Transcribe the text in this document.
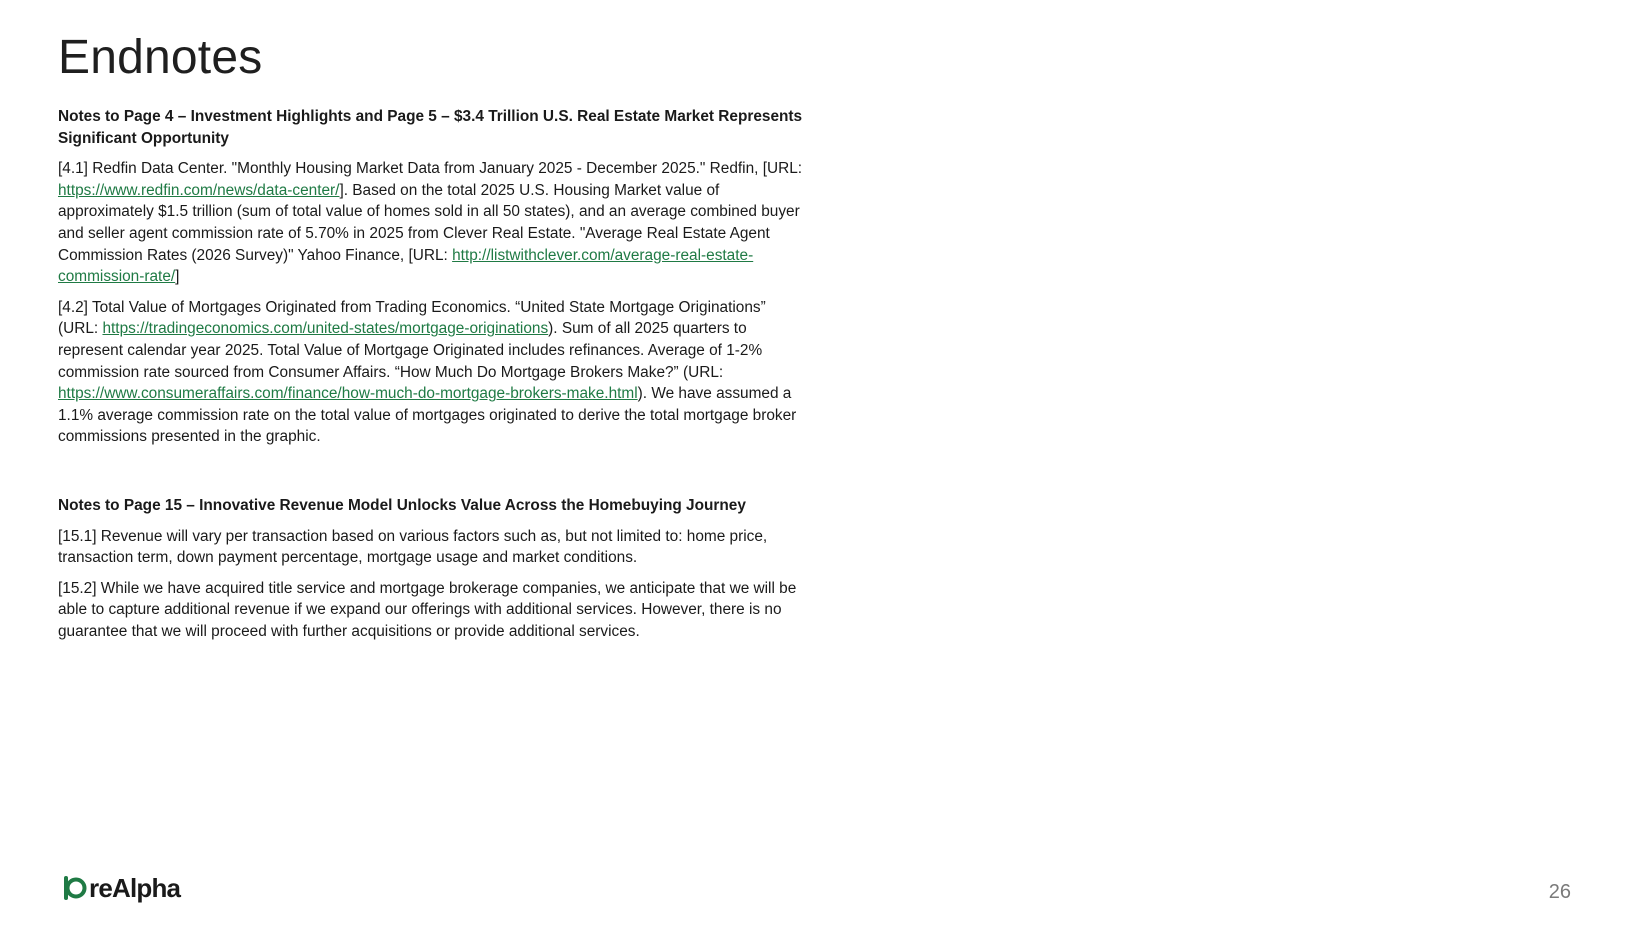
Endnotes

Notes to Page 4 – Investment Highlights and Page 5 – $3.4 Trillion U.S. Real Estate Market Represents Significant Opportunity

[4.1] Redfin Data Center. "Monthly Housing Market Data from January 2025 - December 2025." Redfin, [URL: https://www.redfin.com/news/data-center/]. Based on the total 2025 U.S. Housing Market value of approximately $1.5 trillion (sum of total value of homes sold in all 50 states), and an average combined buyer and seller agent commission rate of 5.70% in 2025 from Clever Real Estate. "Average Real Estate Agent Commission Rates (2026 Survey)" Yahoo Finance, [URL: http://listwithclever.com/average-real-estate-commission-rate/]

[4.2] Total Value of Mortgages Originated from Trading Economics. “United State Mortgage Originations” (URL: https://tradingeconomics.com/united-states/mortgage-originations). Sum of all 2025 quarters to represent calendar year 2025. Total Value of Mortgage Originated includes refinances. Average of 1-2% commission rate sourced from Consumer Affairs. “How Much Do Mortgage Brokers Make?” (URL: https://www.consumeraffairs.com/finance/how-much-do-mortgage-brokers-make.html). We have assumed a 1.1% average commission rate on the total value of mortgages originated to derive the total mortgage broker commissions presented in the graphic.

Notes to Page 15 – Innovative Revenue Model Unlocks Value Across the Homebuying Journey

[15.1] Revenue will vary per transaction based on various factors such as, but not limited to: home price, transaction term, down payment percentage, mortgage usage and market conditions.

[15.2] While we have acquired title service and mortgage brokerage companies, we anticipate that we will be able to capture additional revenue if we expand our offerings with additional services. However, there is no guarantee that we will proceed with further acquisitions or provide additional services.

reAlpha	26
